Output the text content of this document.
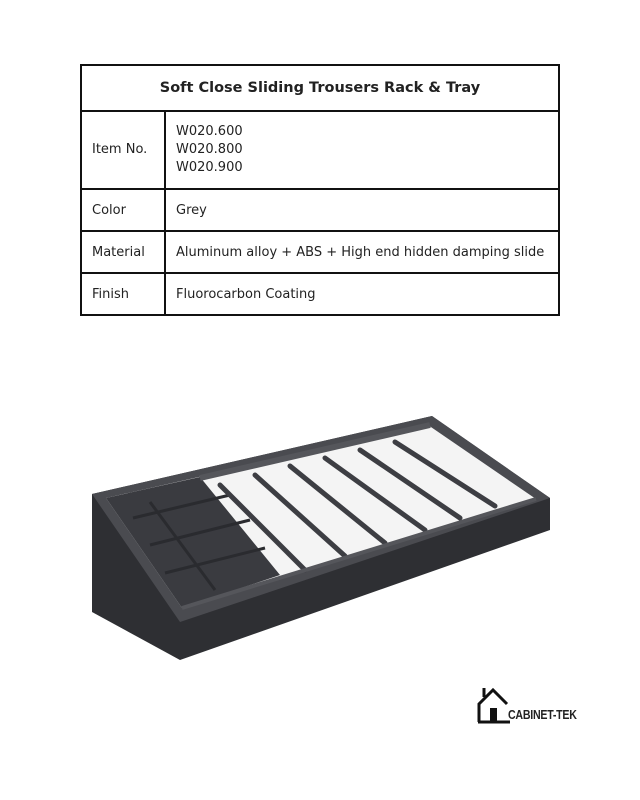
Soft Close Sliding Trousers Rack & Tray	
Item No.	W020.600
W020.800
W020.900

Color	Grey
Material	Aluminum alloy + ABS + High end hidden damping slide
Finish	Fluorocarbon Coating
CABINET-TEK
